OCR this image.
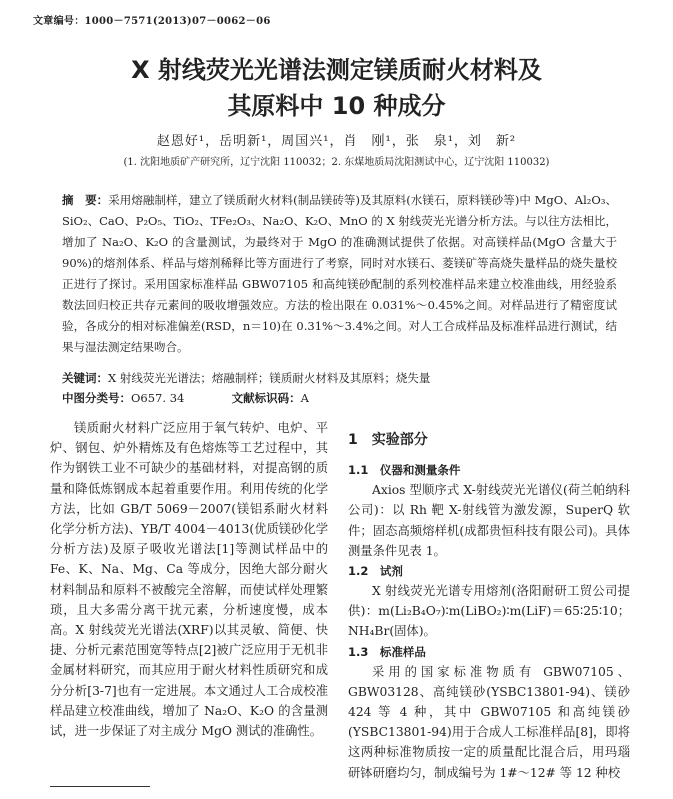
文章编号：1000－7571(2013)07－0062－06
X 射线荧光光谱法测定镁质耐火材料及
其原料中 10 种成分
赵恩好¹，岳明新¹，周国兴¹，肖　刚¹，张　泉¹，刘　新²
(1. 沈阳地质矿产研究所，辽宁沈阳 110032；2. 东煤地质局沈阳测试中心，辽宁沈阳 110032)
摘　要：采用熔融制样，建立了镁质耐火材料(制品镁砖等)及其原料(水镁石，原料镁砂等)中 MgO、Al₂O₃、SiO₂、CaO、P₂O₅、TiO₂、TFe₂O₃、Na₂O、K₂O、MnO 的 X 射线荧光光谱分析方法。与以往方法相比，增加了 Na₂O、K₂O 的含量测试，为最终对于 MgO 的准确测试提供了依据。对高镁样品(MgO 含量大于 90%)的熔剂体系、样品与熔剂稀释比等方面进行了考察，同时对水镁石、菱镁矿等高烧失量样品的烧失量校正进行了探讨。采用国家标准样品 GBW07105 和高纯镁砂配制的系列校准样品来建立校准曲线，用经验系数法回归校正共存元素间的吸收增强效应。方法的检出限在 0.031%～0.45%之间。对样品进行了精密度试验，各成分的相对标准偏差(RSD，n＝10)在 0.31%～3.4%之间。对人工合成样品及标准样品进行测试，结果与湿法测定结果吻合。
关键词：X 射线荧光光谱法；熔融制样；镁质耐火材料及其原料；烧失量
中图分类号：O657. 34	文献标识码：A
镁质耐火材料广泛应用于氧气转炉、电炉、平炉、钢包、炉外精炼及有色熔炼等工艺过程中，其作为钢铁工业不可缺少的基础材料，对提高钢的质量和降低炼钢成本起着重要作用。利用传统的化学方法，比如 GB/T 5069－2007(镁铝系耐火材料化学分析方法)、YB/T 4004－4013(优质镁砂化学分析方法)及原子吸收光谱法[1]等测试样品中的 Fe、K、Na、Mg、Ca 等成分，因绝大部分耐火材料制品和原料不被酸完全溶解，而使试样处理繁琐，且大多需分离干扰元素，分析速度慢，成本高。X 射线荧光光谱法(XRF)以其灵敏、简便、快捷、分析元素范围宽等特点[2]被广泛应用于无机非金属材料研究，而其应用于耐火材料性质研究和成分分析[3-7]也有一定进展。本文通过人工合成校准样品建立校准曲线，增加了 Na₂O、K₂O 的含量测试，进一步保证了对主成分 MgO 测试的准确性。
1　实验部分
1.1　仪器和测量条件
Axios 型顺序式 X-射线荧光光谱仪(荷兰帕纳科公司)：以 Rh 靶 X-射线管为激发源，SuperQ 软件；固态高频熔样机(成都贵恒科技有限公司)。具体测量条件见表 1。
1.2　试剂
X 射线荧光光谱专用熔剂(洛阳耐研工贸公司提供)：m(Li₂B₄O₇)∶m(LiBO₂)∶m(LiF)＝65∶25∶10；NH₄Br(固体)。
1.3　标准样品
采用的国家标准物质有 GBW07105、GBW03128、高纯镁砂(YSBC13801-94)、镁砂 424 等 4 种，其中 GBW07105 和高纯镁砂(YSBC13801-94)用于合成人工标准样品[8]，即将这两种标准物质按一定的质量配比混合后，用玛瑙研钵研磨均匀，制成编号为 1#～12# 等 12 种校
